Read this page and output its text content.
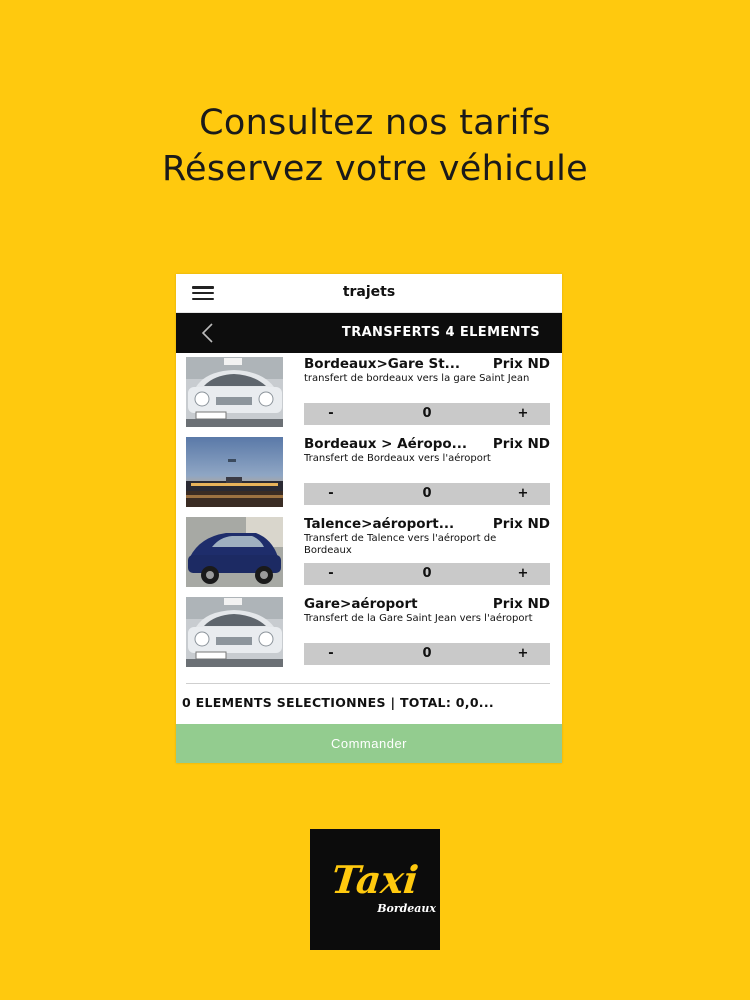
Consultez nos tarifs
Réservez votre véhicule
trajets
TRANSFERTS 4 ELEMENTS
Bordeaux>Gare St...	Prix ND
transfert de bordeaux vers la gare Saint Jean
-	0	+
Bordeaux > Aéropo...	Prix ND
Transfert de Bordeaux vers l'aéroport
-	0	+
Talence>aéroport...	Prix ND
Transfert de Talence vers l'aéroport de Bordeaux
-	0	+
Gare>aéroport	Prix ND
Transfert de la Gare Saint Jean vers l'aéroport
-	0	+
0 ELEMENTS SELECTIONNES | TOTAL: 0,0...
Commander
Taxi
Bordeaux
